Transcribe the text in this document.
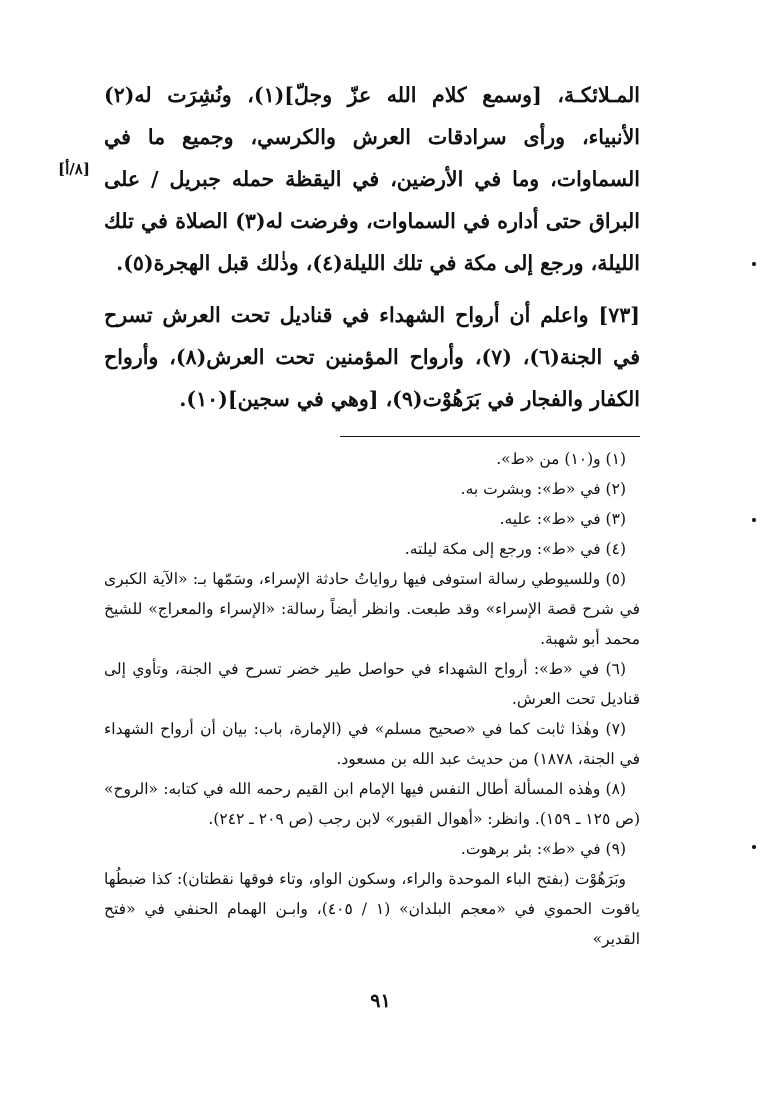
المـلائكـة، [وسمع كلام الله عزّ وجلّ](١)، ونُشِرَت له(٢) الأنبياء، ورأى سرادقات العرش والكرسي، وجميع ما في السماوات، وما في الأرضين، في اليقظة حمله جبريل / على البراق حتى أداره في السماوات، وفرضت له(٣) الصلاة في تلك الليلة، ورجع إلى مكة في تلك الليلة(٤)، وذٰلك قبل الهجرة(٥).

[٧٣] واعلم أن أرواح الشهداء في قناديل تحت العرش تسرح في الجنة(٦)، (٧)، وأرواح المؤمنين تحت العرش(٨)، وأرواح الكفار والفجار في بَرَهُوْت(٩)، [وهي في سجين](١٠).

[٨/أ]

(١) و(١٠) من «ط».

(٢) في «ط»: وبشرت به.

(٣) في «ط»: عليه.

(٤) في «ط»: ورجع إلى مكة ليلته.

(٥) وللسيوطي رسالة استوفى فيها رواياتُ حادثة الإسراء، وسَمّها بـ: «الآية الكبرى في شرح قصة الإسراء» وقد طبعت. وانظر أيضاً رسالة: «الإسراء والمعراج» للشيخ محمد أبو شهبة.

(٦) في «ط»: أرواح الشهداء في حواصل طير خضر تسرح في الجنة، وتأوي إلى قناديل تحت العرش.

(٧) وهٰذا ثابت كما في «صحيح مسلم» في (الإمارة، باب: بيان أن أرواح الشهداء في الجنة، ١٨٧٨) من حديث عبد الله بن مسعود.

(٨) وهٰذه المسألة أطال النفس فيها الإمام ابن القيم رحمه الله في كتابه: «الروح» (ص ١٢٥ ـ ١٥٩). وانظر: «أهوال القبور» لابن رجب (ص ٢٠٩ ـ ٢٤٢).

(٩) في «ط»: بئر برهوت.

وبَرَهُوْت (بفتح الباء الموحدة والراء، وسكون الواو، وتاء فوقها نقطتان): كذا ضبطُها ياقوت الحموي في «معجم البلدان» (١ / ٤٠٥)، وابـن الهمام الحنفي في «فتح القدير»

٩١
